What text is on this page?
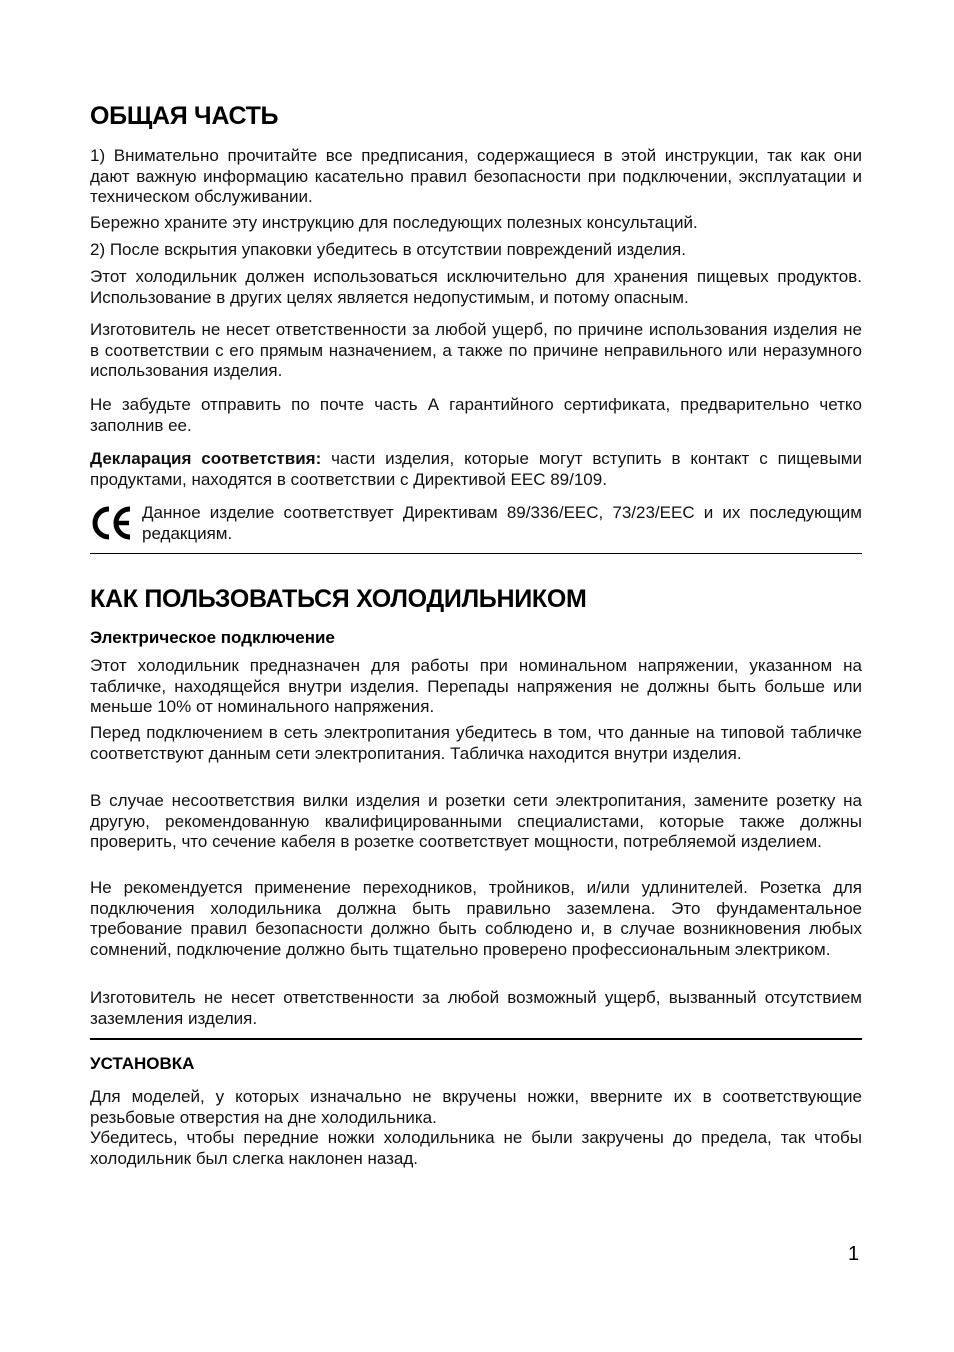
ОБЩАЯ ЧАСТЬ

1) Внимательно прочитайте все предписания, содержащиеся в этой инструкции, так как они дают важную информацию касательно правил безопасности при подключении, эксплуатации и техническом обслуживании.

Бережно храните эту инструкцию для последующих полезных консультаций.

2) После вскрытия упаковки убедитесь в отсутствии повреждений изделия.

Этот холодильник должен использоваться исключительно для хранения пищевых продуктов. Использование в других целях является недопустимым, и потому опасным.

Изготовитель не несет ответственности за любой ущерб, по причине использования изделия не в соответствии с его прямым назначением, а также по причине неправильного или неразумного использования изделия.

Не забудьте отправить по почте часть А гарантийного сертификата, предварительно четко заполнив ее.

Декларация соответствия: части изделия, которые могут вступить в контакт с пищевыми продуктами, находятся в соответствии с Директивой EEC 89/109.

Данное изделие соответствует Директивам 89/336/EEC, 73/23/EEC и их последующим редакциям.

КАК ПОЛЬЗОВАТЬСЯ ХОЛОДИЛЬНИКОМ
Электрическое подключение

Этот холодильник предназначен для работы при номинальном напряжении, указанном на табличке, находящейся внутри изделия. Перепады напряжения не должны быть больше или меньше 10% от номинального напряжения.

Перед подключением в сеть электропитания убедитесь в том, что данные на типовой табличке соответствуют данным сети электропитания. Табличка находится внутри изделия.

В случае несоответствия вилки изделия и розетки сети электропитания, замените розетку на другую, рекомендованную квалифицированными специалистами, которые также должны проверить, что сечение кабеля в розетке соответствует мощности, потребляемой изделием.

Не рекомендуется применение переходников, тройников, и/или удлинителей. Розетка для подключения холодильника должна быть правильно заземлена. Это фундаментальное требование правил безопасности должно быть соблюдено и, в случае возникновения любых сомнений, подключение должно быть тщательно проверено профессиональным электриком.

Изготовитель не несет ответственности за любой возможный ущерб, вызванный отсутствием заземления изделия.

УСТАНОВКА

Для моделей, у которых изначально не вкручены ножки, вверните их в соответствующие резьбовые отверстия на дне холодильника.

Убедитесь, чтобы передние ножки холодильника не были закручены до предела, так чтобы холодильник был слегка наклонен назад.

1
